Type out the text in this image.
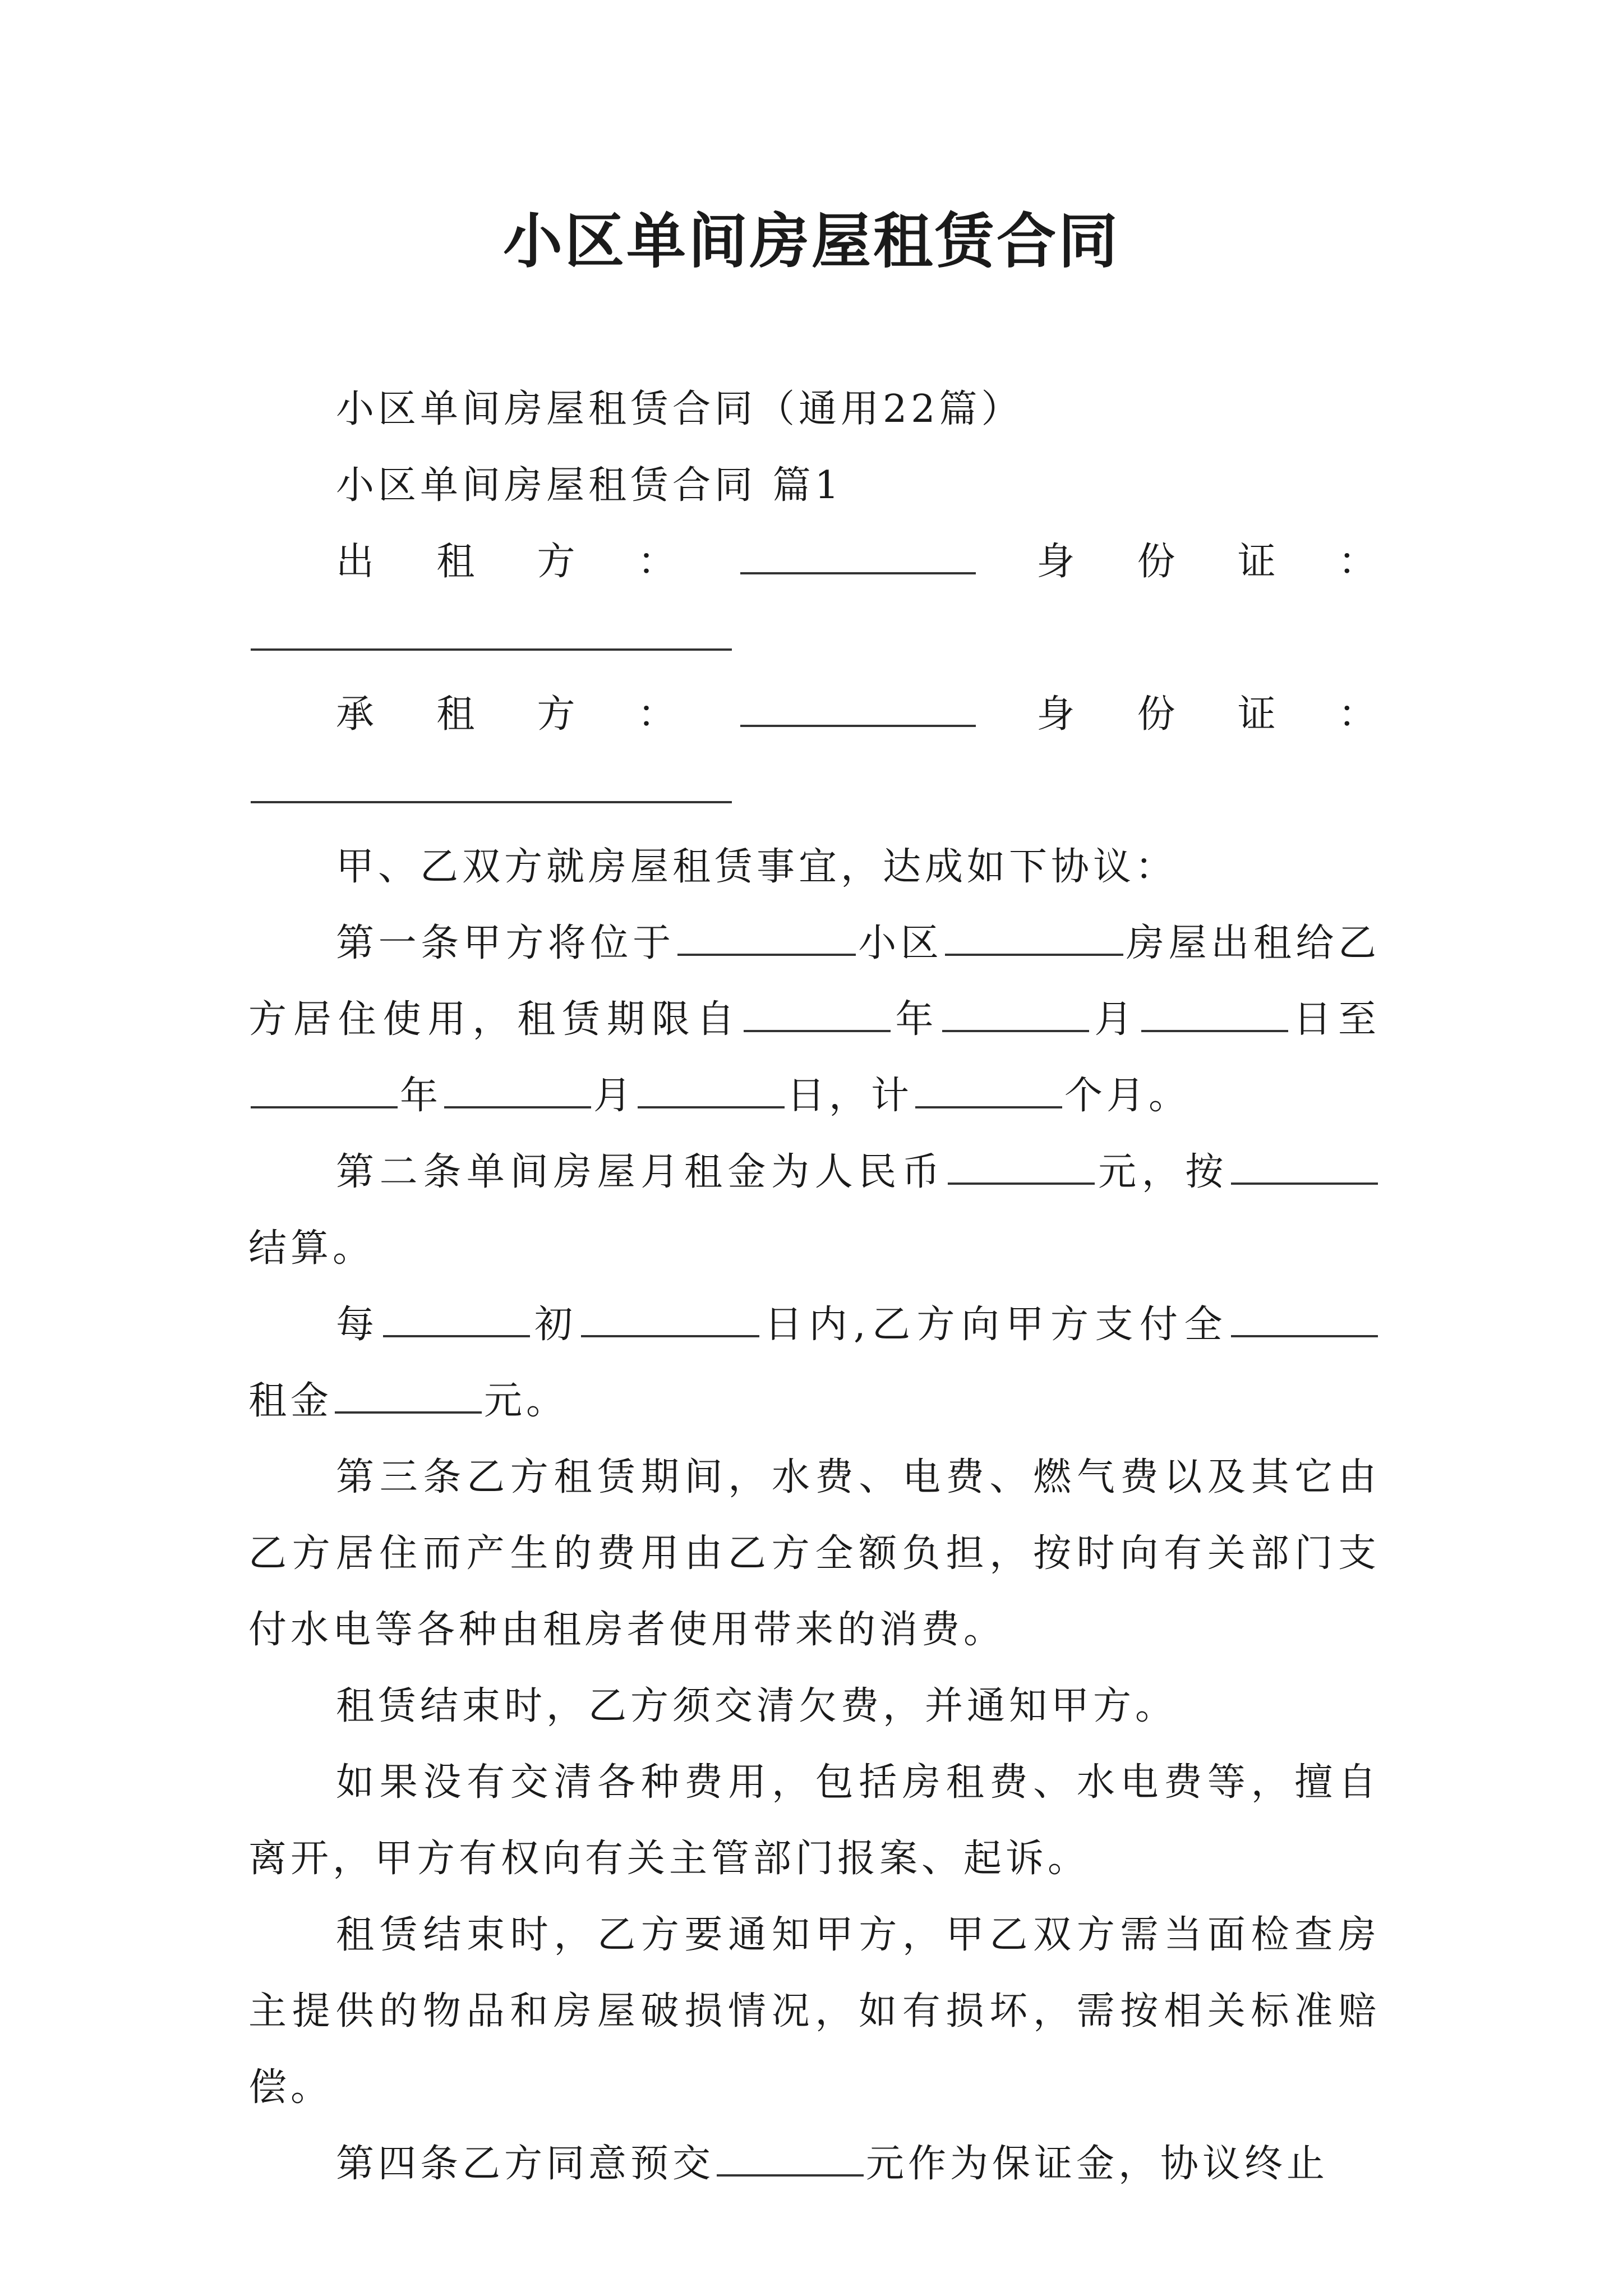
小区单间房屋租赁合同

小区单间房屋租赁合同（通用22篇）

小区单间房屋租赁合同 篇1

出租方：	身份证：

承租方：	身份证：

甲、乙双方就房屋租赁事宜，达成如下协议：

第一条甲方将位于	小区	房屋出租给乙方居住使用，租赁期限自	年	月	日至年	月	日，计	个月。

第二条单间房屋月租金为人民币	元，按结算。

每	初	日内,乙方向甲方支付全租金	元。

第三条乙方租赁期间，水费、电费、燃气费以及其它由乙方居住而产生的费用由乙方全额负担，按时向有关部门支付水电等各种由租房者使用带来的消费。

租赁结束时，乙方须交清欠费，并通知甲方。

如果没有交清各种费用，包括房租费、水电费等，擅自离开，甲方有权向有关主管部门报案、起诉。

租赁结束时，乙方要通知甲方，甲乙双方需当面检查房主提供的物品和房屋破损情况，如有损坏，需按相关标准赔偿。

第四条乙方同意预交	元作为保证金，协议终止
